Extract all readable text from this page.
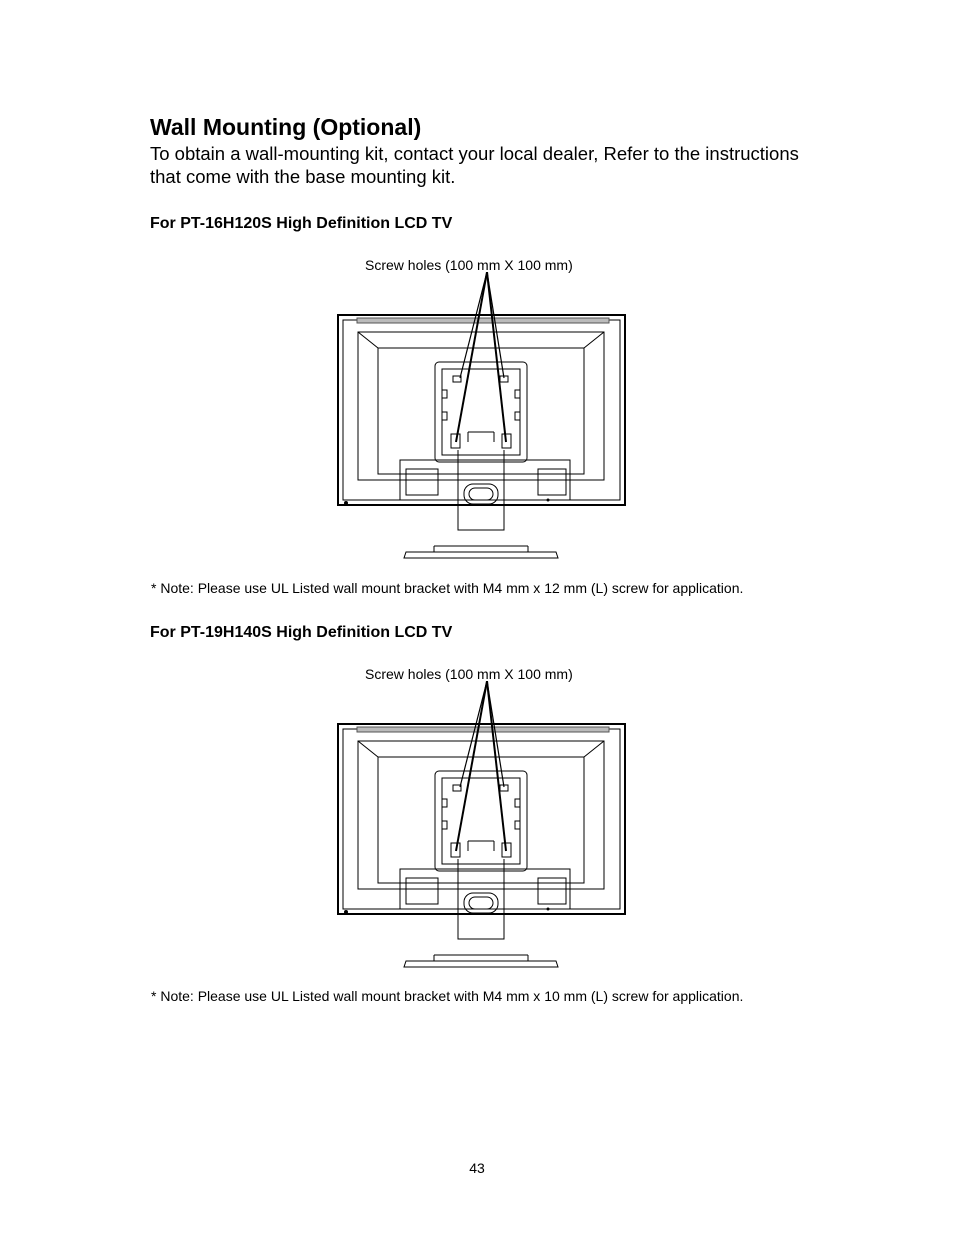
Wall Mounting (Optional)

To obtain a wall-mounting kit, contact your local dealer, Refer to the instructions that come with the base mounting kit.

For PT-16H120S High Definition LCD TV
Screw holes (100 mm X 100 mm)
* Note: Please use UL Listed wall mount bracket with M4 mm x 12 mm (L) screw for application.
For PT-19H140S High Definition LCD TV
Screw holes (100 mm X 100 mm)
* Note: Please use UL Listed wall mount bracket with M4 mm x 10 mm (L) screw for application.
43
